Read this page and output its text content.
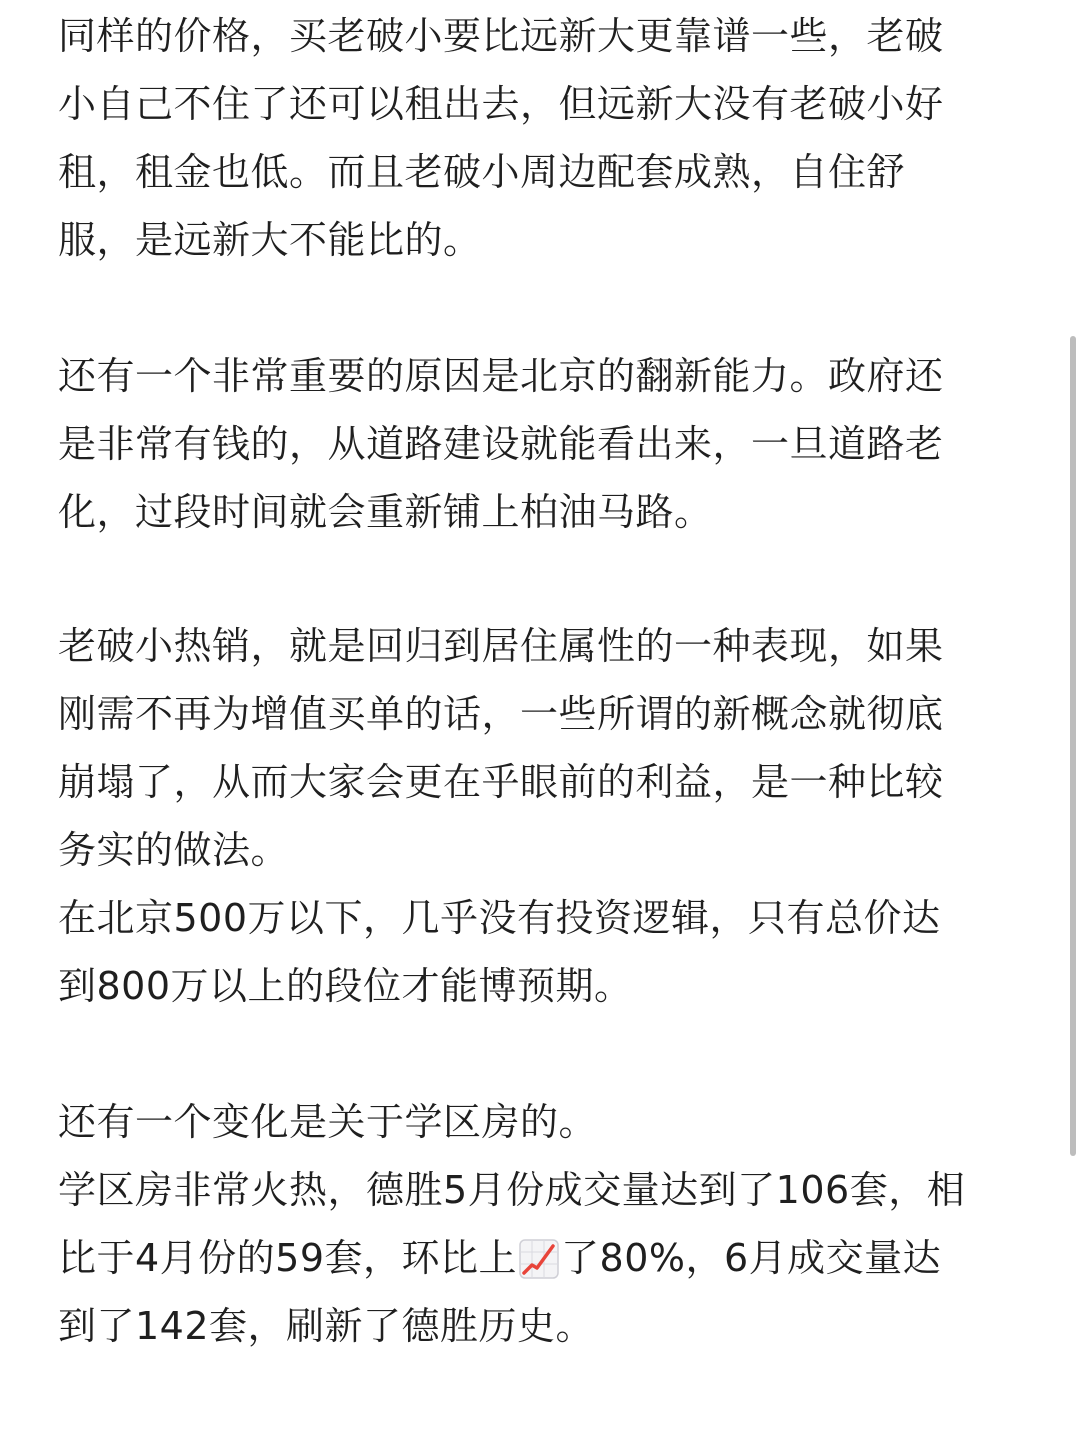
同样的价格，买老破小要比远新大更靠谱一些，老破
小自己不住了还可以租出去，但远新大没有老破小好
租，租金也低。而且老破小周边配套成熟，自住舒
服，是远新大不能比的。
还有一个非常重要的原因是北京的翻新能力。政府还
是非常有钱的，从道路建设就能看出来，一旦道路老
化，过段时间就会重新铺上柏油马路。
老破小热销，就是回归到居住属性的一种表现，如果
刚需不再为增值买单的话，一些所谓的新概念就彻底
崩塌了，从而大家会更在乎眼前的利益，是一种比较
务实的做法。
在北京500万以下，几乎没有投资逻辑，只有总价达
到800万以上的段位才能博预期。
还有一个变化是关于学区房的。
学区房非常火热，德胜5月份成交量达到了106套，相
比于4月份的59套，环比上 了80%，6月成交量达
到了142套，刷新了德胜历史。
